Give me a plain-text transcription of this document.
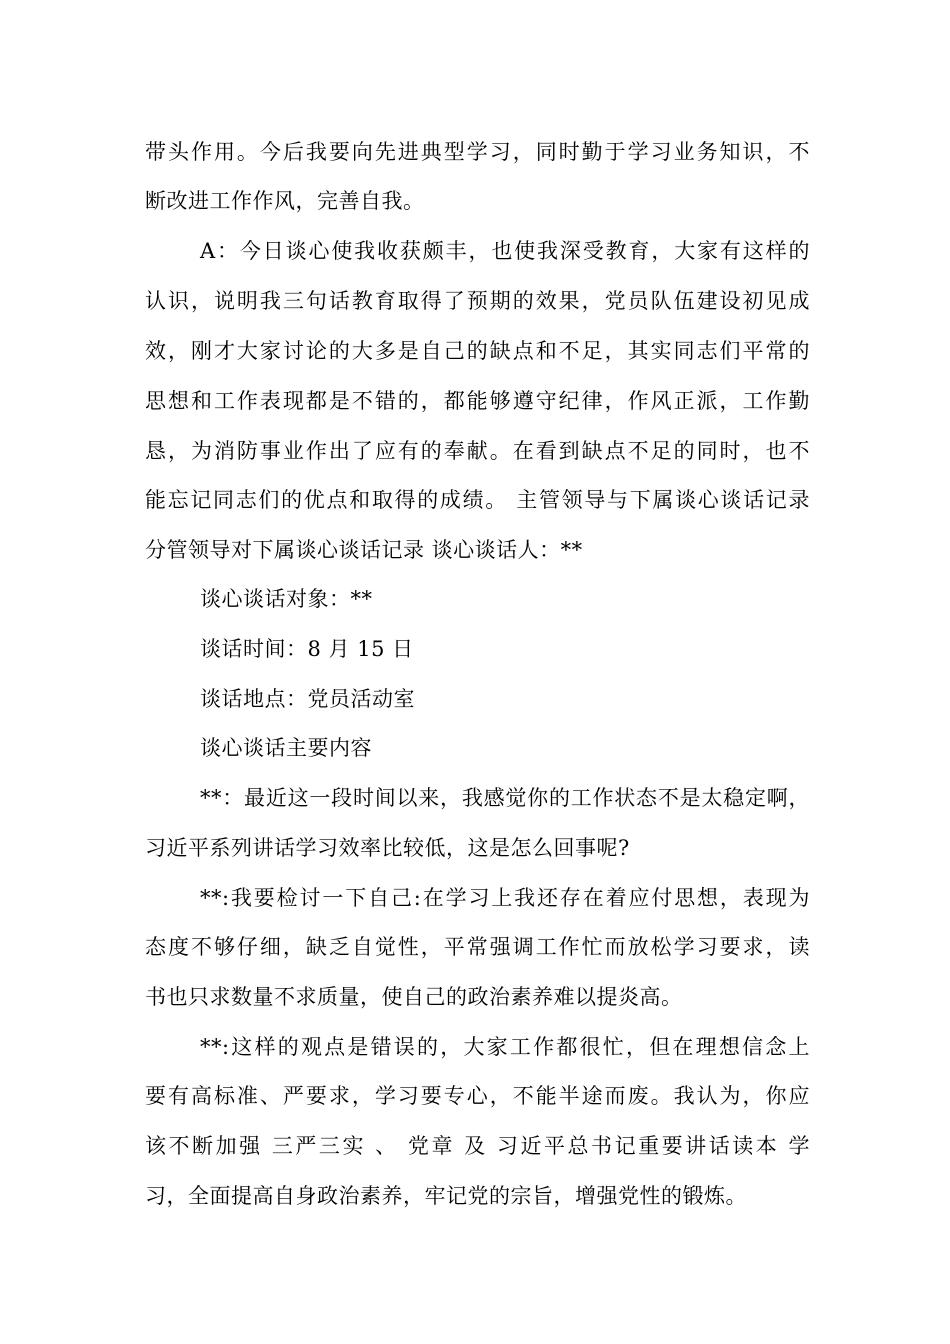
带头作用。今后我要向先进典型学习，同时勤于学习业务知识，不
断改进工作作风，完善自我。
A：今日谈心使我收获颇丰，也使我深受教育，大家有这样的
认识，说明我三句话教育取得了预期的效果，党员队伍建设初见成
效，刚才大家讨论的大多是自己的缺点和不足，其实同志们平常的
思想和工作表现都是不错的，都能够遵守纪律，作风正派，工作勤
恳，为消防事业作出了应有的奉献。在看到缺点不足的同时，也不
能忘记同志们的优点和取得的成绩。 主管领导与下属谈心谈话记录
分管领导对下属谈心谈话记录 谈心谈话人：**
谈心谈话对象：**
谈话时间：8 月 15 日
谈话地点：党员活动室
谈心谈话主要内容
**：最近这一段时间以来，我感觉你的工作状态不是太稳定啊，
习近平系列讲话学习效率比较低，这是怎么回事呢?
**:我要检讨一下自己:在学习上我还存在着应付思想，表现为
态度不够仔细，缺乏自觉性，平常强调工作忙而放松学习要求，读
书也只求数量不求质量，使自己的政治素养难以提炎高。
**:这样的观点是错误的，大家工作都很忙，但在理想信念上
要有高标准、严要求，学习要专心，不能半途而废。我认为，你应
该不断加强 三严三实 、 党章 及 习近平总书记重要讲话读本 学
习，全面提高自身政治素养，牢记党的宗旨，增强党性的锻炼。
